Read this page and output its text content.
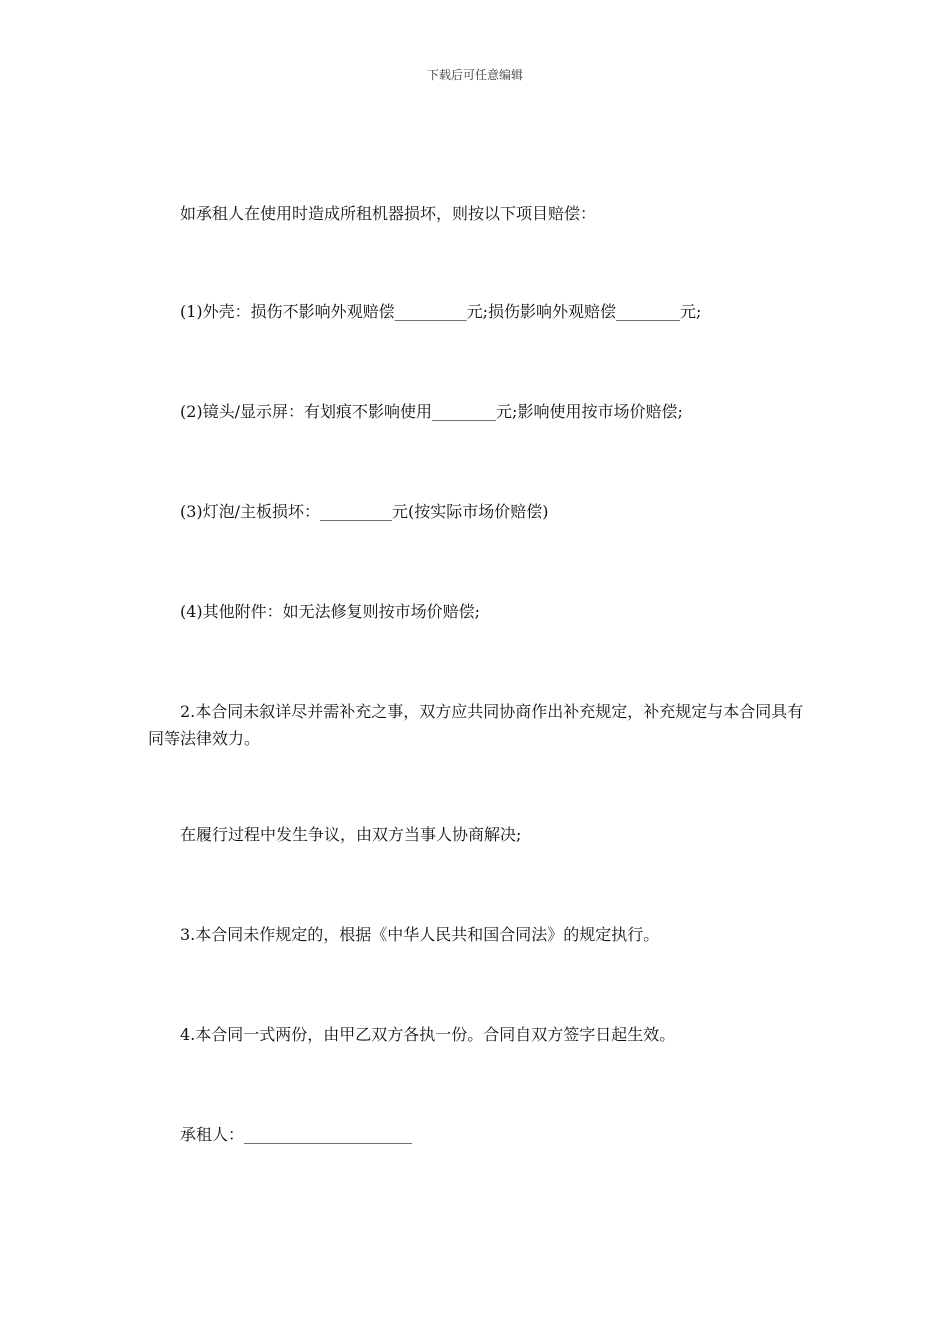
下载后可任意编辑
如承租人在使用时造成所租机器损坏，则按以下项目赔偿：
(1)外壳：损伤不影响外观赔偿_________元;损伤影响外观赔偿________元;
(2)镜头/显示屏：有划痕不影响使用________元;影响使用按市场价赔偿;
(3)灯泡/主板损坏：_________元(按实际市场价赔偿)
(4)其他附件：如无法修复则按市场价赔偿;
2.本合同未叙详尽并需补充之事，双方应共同协商作出补充规定，补充规定与本合同具有同等法律效力。
在履行过程中发生争议，由双方当事人协商解决;
3.本合同未作规定的，根据《中华人民共和国合同法》的规定执行。
4.本合同一式两份，由甲乙双方各执一份。合同自双方签字日起生效。
承租人：_____________________
